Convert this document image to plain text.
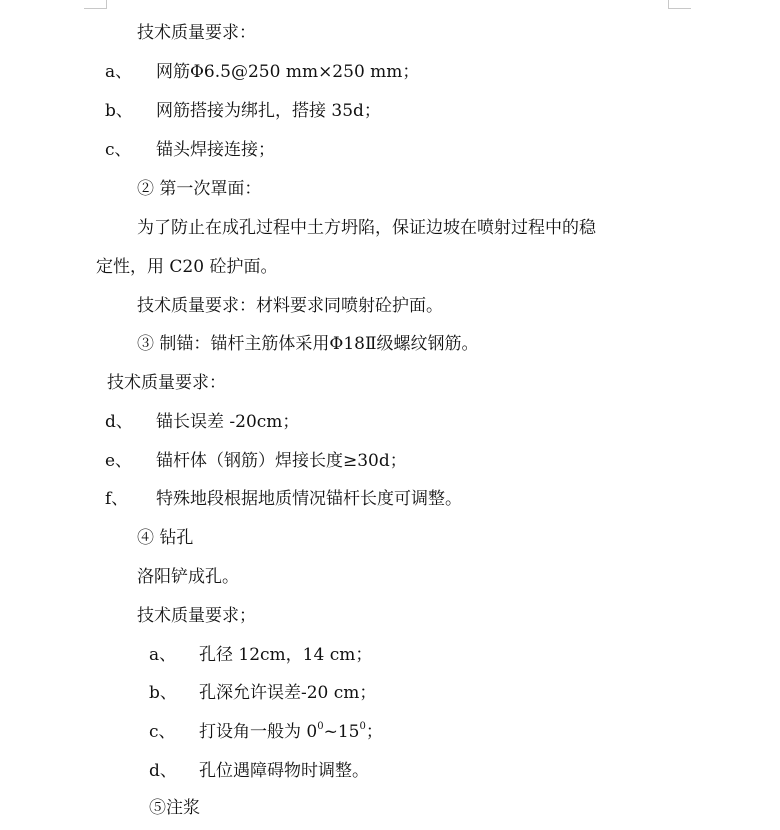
技术质量要求：
a、 网筋Φ6.5@250 mm×250 mm；
b、 网筋搭接为绑扎，搭接 35d；
c、 锚头焊接连接；
② 第一次罩面：
为了防止在成孔过程中土方坍陷，保证边坡在喷射过程中的稳
定性，用 C20 砼护面。
技术质量要求：材料要求同喷射砼护面。
③ 制锚：锚杆主筋体采用Φ18Ⅱ级螺纹钢筋。
技术质量要求：
d、 锚长误差 -20cm；
e、 锚杆体（钢筋）焊接长度≥30d；
f、 特殊地段根据地质情况锚杆长度可调整。
④ 钻孔
洛阳铲成孔。
技术质量要求；
a、 孔径 12cm，14 cm；
b、 孔深允许误差-20 cm；
c、 打设角一般为 $0^0\sim 15^0$；
d、 孔位遇障碍物时调整。
⑤注浆
